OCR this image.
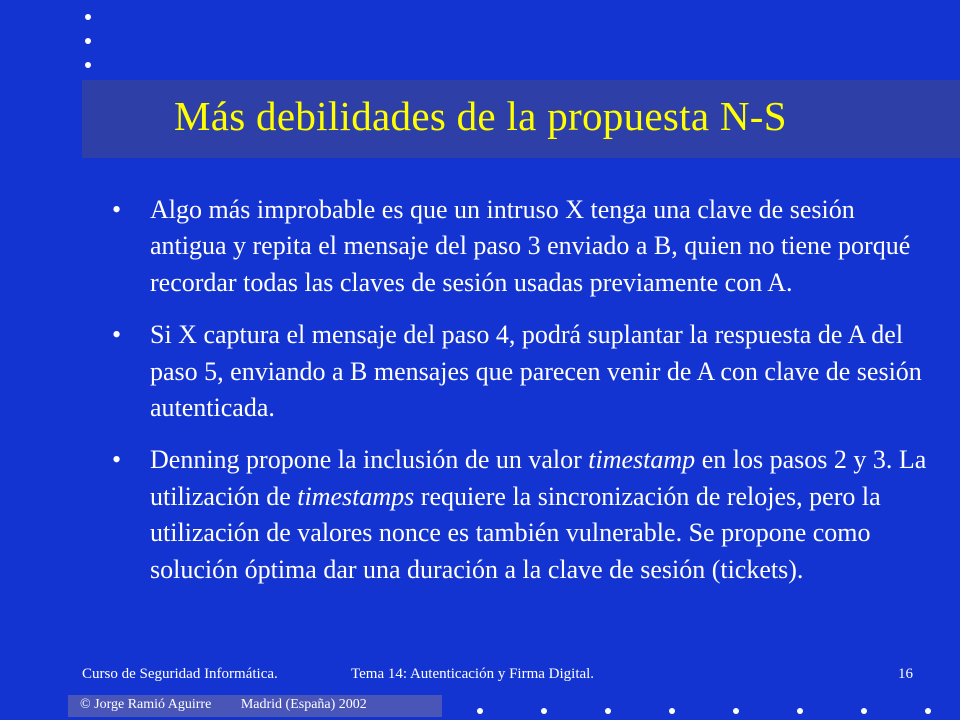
Más debilidades de la propuesta N-S
• Algo más improbable es que un intruso X tenga una clave de sesión antigua y repita el mensaje del paso 3 enviado a B, quien no tiene porqué recordar todas las claves de sesión usadas previamente con A.
• Si X captura el mensaje del paso 4, podrá suplantar la respuesta de A del paso 5, enviando a B mensajes que parecen venir de A con clave de sesión autenticada.
• Denning propone la inclusión de un valor timestamp en los pasos 2 y 3. La utilización de timestamps requiere la sincronización de relojes, pero la utilización de valores nonce es también vulnerable. Se propone como solución óptima dar una duración a la clave de sesión (tickets).
Curso de Seguridad Informática.	Tema 14: Autenticación y Firma Digital.	16
© Jorge Ramió Aguirre Madrid (España) 2002
